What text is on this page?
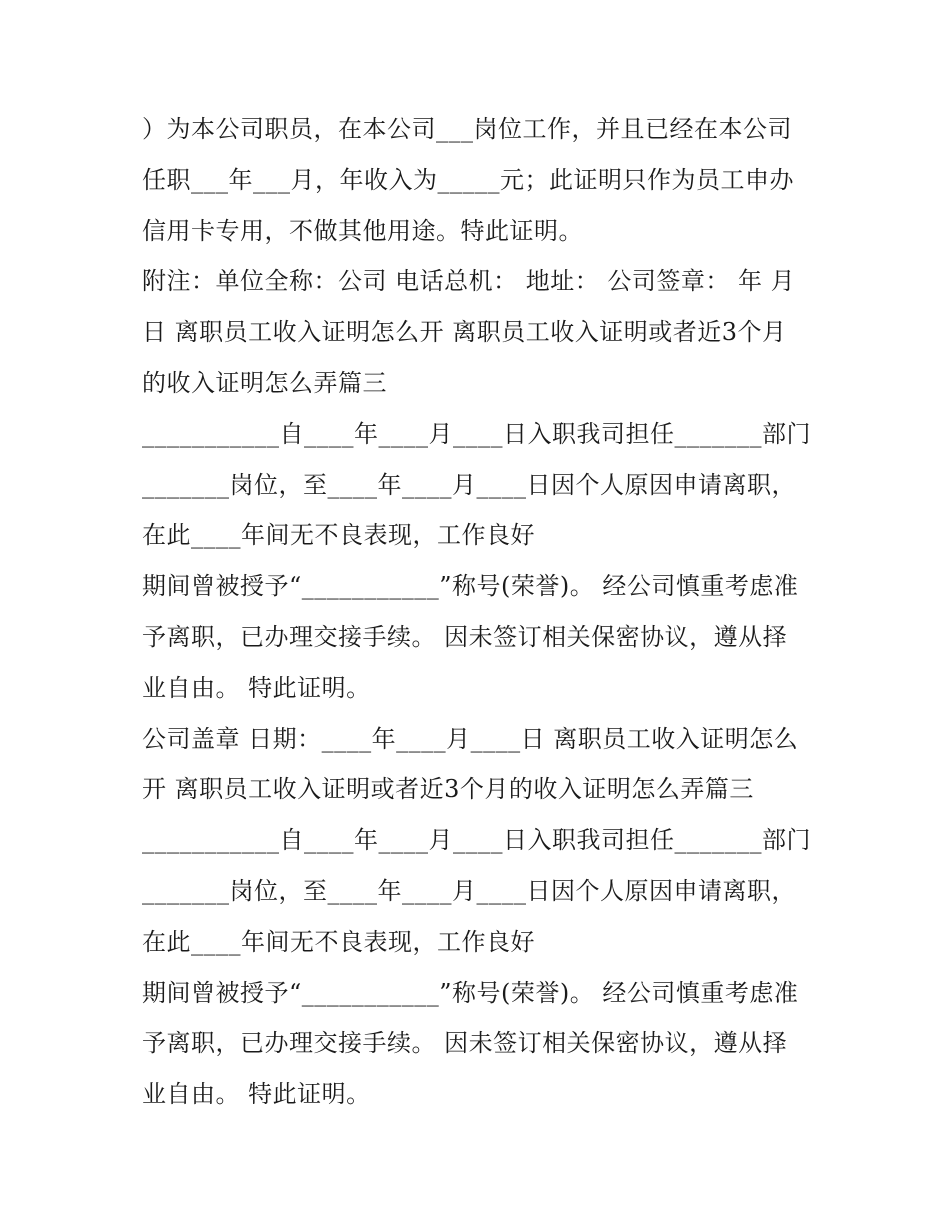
）为本公司职员，在本公司___岗位工作，并且已经在本公司
任职___年___月，年收入为_____元；此证明只作为员工申办
信用卡专用，不做其他用途。特此证明。
附注：单位全称：公司 电话总机： 地址： 公司签章： 年 月
日 离职员工收入证明怎么开 离职员工收入证明或者近3个月
的收入证明怎么弄篇三
___________自____年____月____日入职我司担任_______部门
_______岗位，至____年____月____日因个人原因申请离职，
在此____年间无不良表现，工作良好
期间曾被授予“___________”称号(荣誉)。 经公司慎重考虑准
予离职，已办理交接手续。 因未签订相关保密协议，遵从择
业自由。 特此证明。
公司盖章 日期：____年____月____日 离职员工收入证明怎么
开 离职员工收入证明或者近3个月的收入证明怎么弄篇三
___________自____年____月____日入职我司担任_______部门
_______岗位，至____年____月____日因个人原因申请离职，
在此____年间无不良表现，工作良好
期间曾被授予“___________”称号(荣誉)。 经公司慎重考虑准
予离职，已办理交接手续。 因未签订相关保密协议，遵从择
业自由。 特此证明。
